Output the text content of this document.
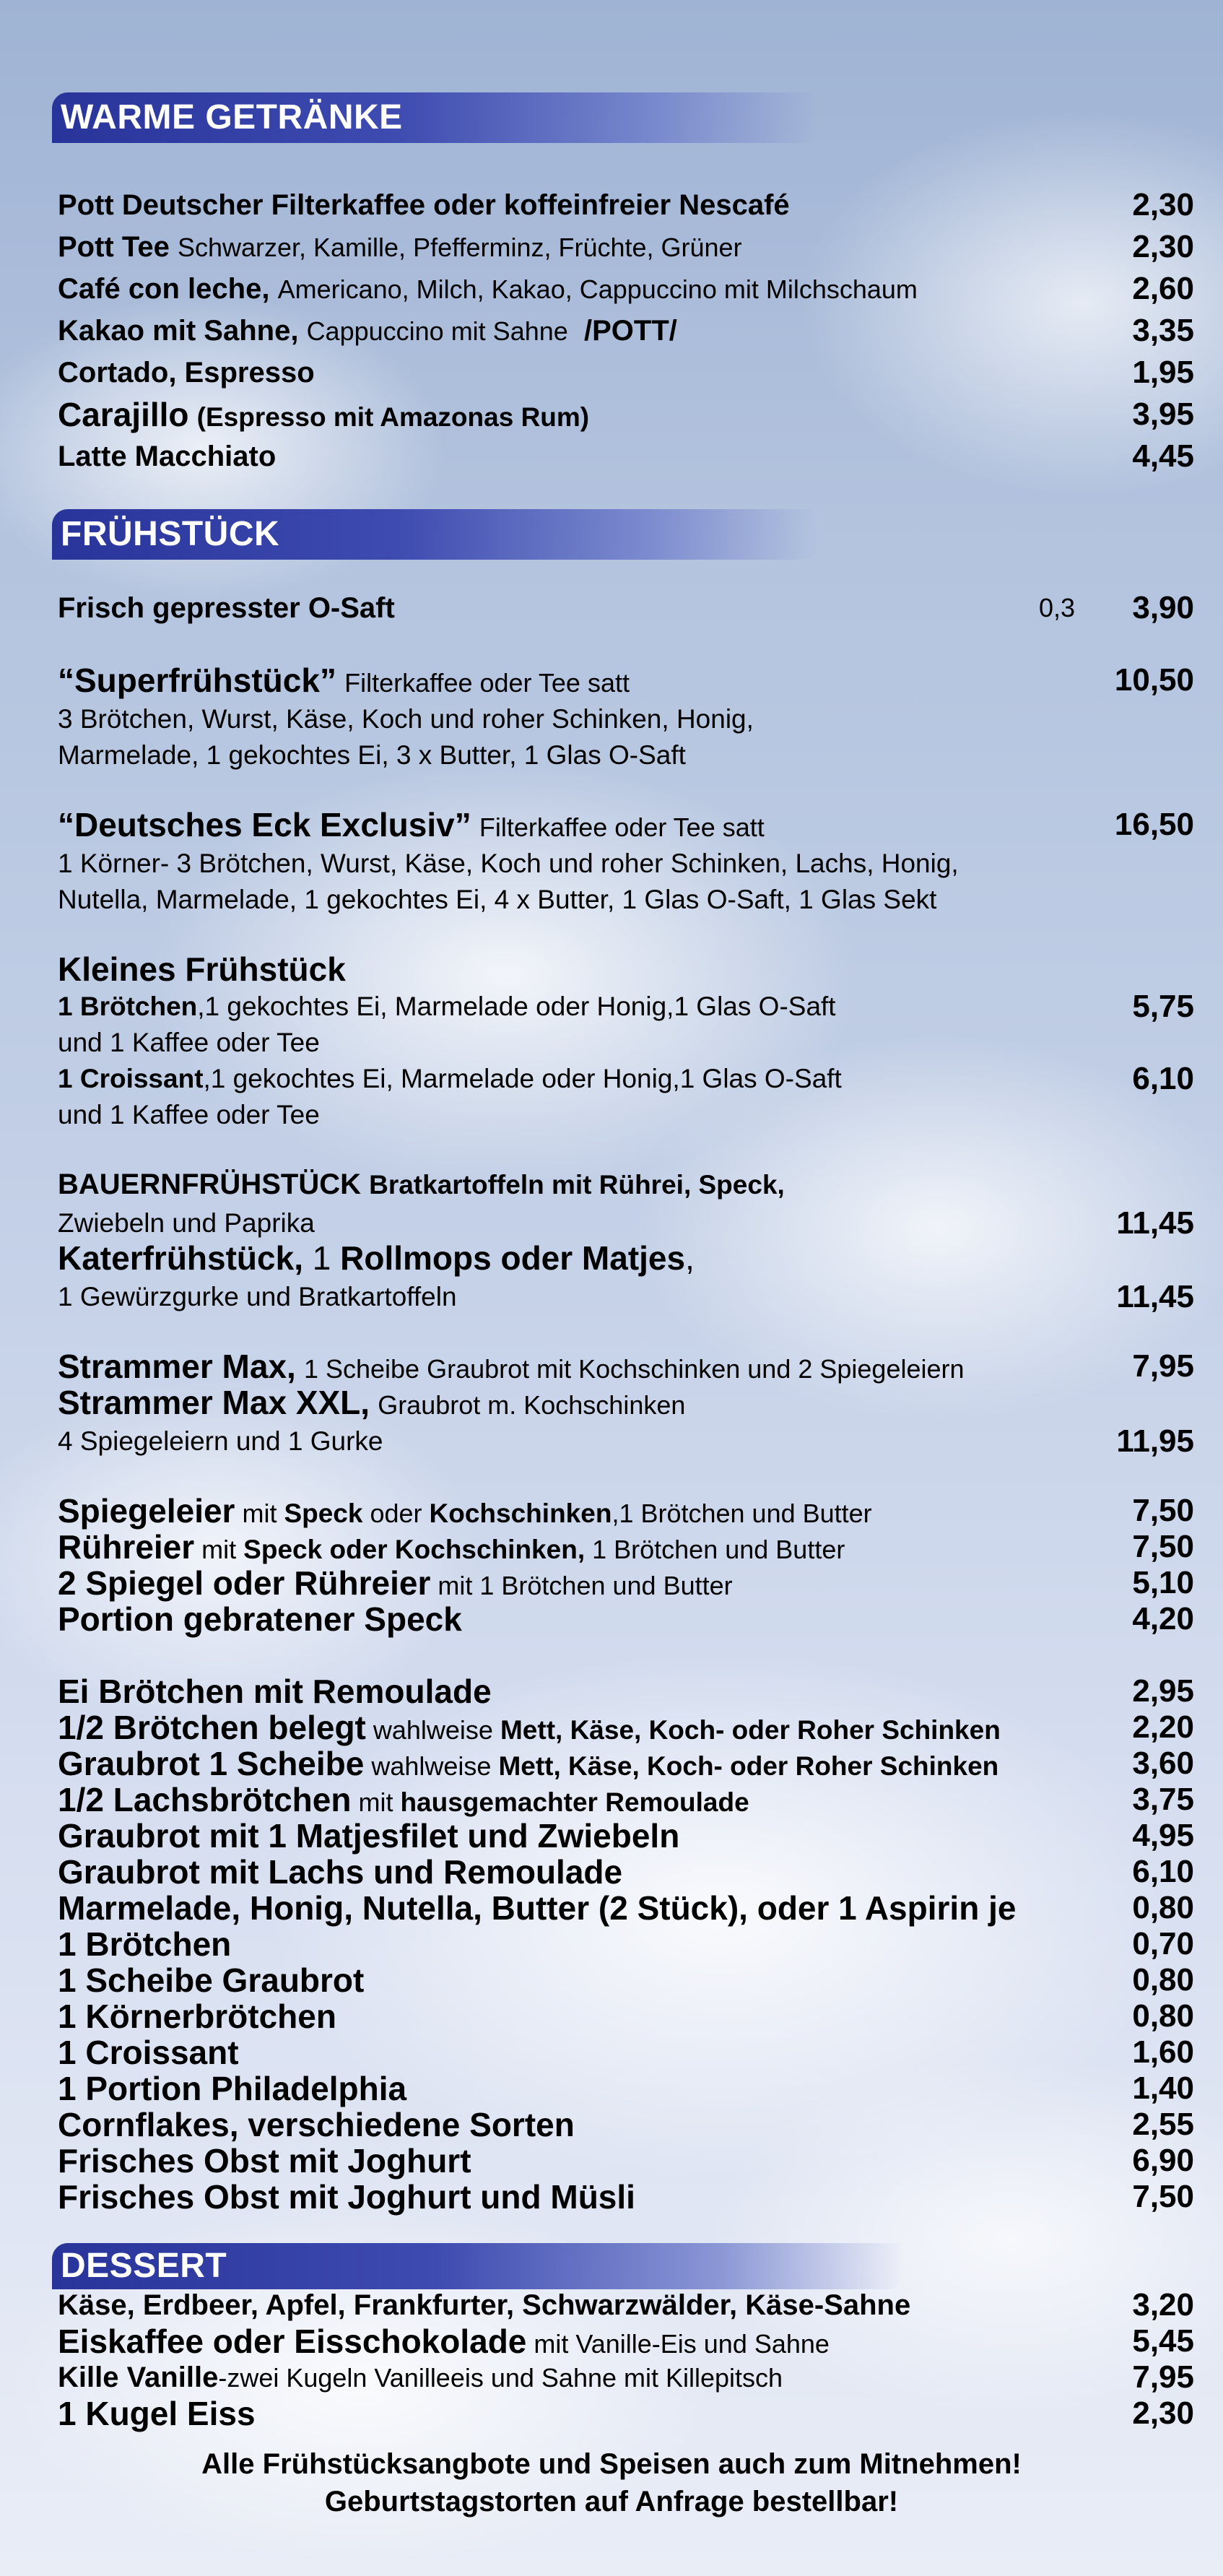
WARME GETRÄNKE
Pott Deutscher Filterkaffee oder koffeinfreier Nescafé	2,30
Pott Tee Schwarzer, Kamille, Pfefferminz, Früchte, Grüner	2,30
Café con leche, Americano, Milch, Kakao, Cappuccino mit Milchschaum	2,60
Kakao mit Sahne, Cappuccino mit Sahne /POTT/	3,35
Cortado, Espresso	1,95
Carajillo (Espresso mit Amazonas Rum)	3,95
Latte Macchiato	4,45
FRÜHSTÜCK
Frisch gepresster O-Saft	0,3 3,90
“Superfrühstück” Filterkaffee oder Tee satt	10,50
3 Brötchen, Wurst, Käse, Koch und roher Schinken, Honig,
Marmelade, 1 gekochtes Ei, 3 x Butter, 1 Glas O-Saft
“Deutsches Eck Exclusiv” Filterkaffee oder Tee satt	16,50
1 Körner- 3 Brötchen, Wurst, Käse, Koch und roher Schinken, Lachs, Honig,
Nutella, Marmelade, 1 gekochtes Ei, 4 x Butter, 1 Glas O-Saft, 1 Glas Sekt
Kleines Frühstück
1 Brötchen,1 gekochtes Ei, Marmelade oder Honig,1 Glas O-Saft	5,75
und 1 Kaffee oder Tee
1 Croissant,1 gekochtes Ei, Marmelade oder Honig,1 Glas O-Saft	6,10
und 1 Kaffee oder Tee
BAUERNFRÜHSTÜCK Bratkartoffeln mit Rührei, Speck,
Zwiebeln und Paprika	11,45
Katerfrühstück, 1 Rollmops oder Matjes,
1 Gewürzgurke und Bratkartoffeln	11,45
Strammer Max, 1 Scheibe Graubrot mit Kochschinken und 2 Spiegeleiern	7,95
Strammer Max XXL, Graubrot m. Kochschinken
4 Spiegeleiern und 1 Gurke	11,95
Spiegeleier mit Speck oder Kochschinken,1 Brötchen und Butter	7,50
Rühreier mit Speck oder Kochschinken, 1 Brötchen und Butter	7,50
2 Spiegel oder Rühreier mit 1 Brötchen und Butter	5,10
Portion gebratener Speck	4,20
Ei Brötchen mit Remoulade	2,95
1/2 Brötchen belegt wahlweise Mett, Käse, Koch- oder Roher Schinken	2,20
Graubrot 1 Scheibe wahlweise Mett, Käse, Koch- oder Roher Schinken	3,60
1/2 Lachsbrötchen mit hausgemachter Remoulade	3,75
Graubrot mit 1 Matjesfilet und Zwiebeln	4,95
Graubrot mit Lachs und Remoulade	6,10
Marmelade, Honig, Nutella, Butter (2 Stück), oder 1 Aspirin je	0,80
1 Brötchen	0,70
1 Scheibe Graubrot	0,80
1 Körnerbrötchen	0,80
1 Croissant	1,60
1 Portion Philadelphia	1,40
Cornflakes, verschiedene Sorten	2,55
Frisches Obst mit Joghurt	6,90
Frisches Obst mit Joghurt und Müsli	7,50
DESSERT
Käse, Erdbeer, Apfel, Frankfurter, Schwarzwälder, Käse-Sahne	3,20
Eiskaffee oder Eisschokolade mit Vanille-Eis und Sahne	5,45
Kille Vanille-zwei Kugeln Vanilleeis und Sahne mit Killepitsch	7,95
1 Kugel Eiss	2,30
Alle Frühstücksangbote und Speisen auch zum Mitnehmen!
Geburtstagstorten auf Anfrage bestellbar!
